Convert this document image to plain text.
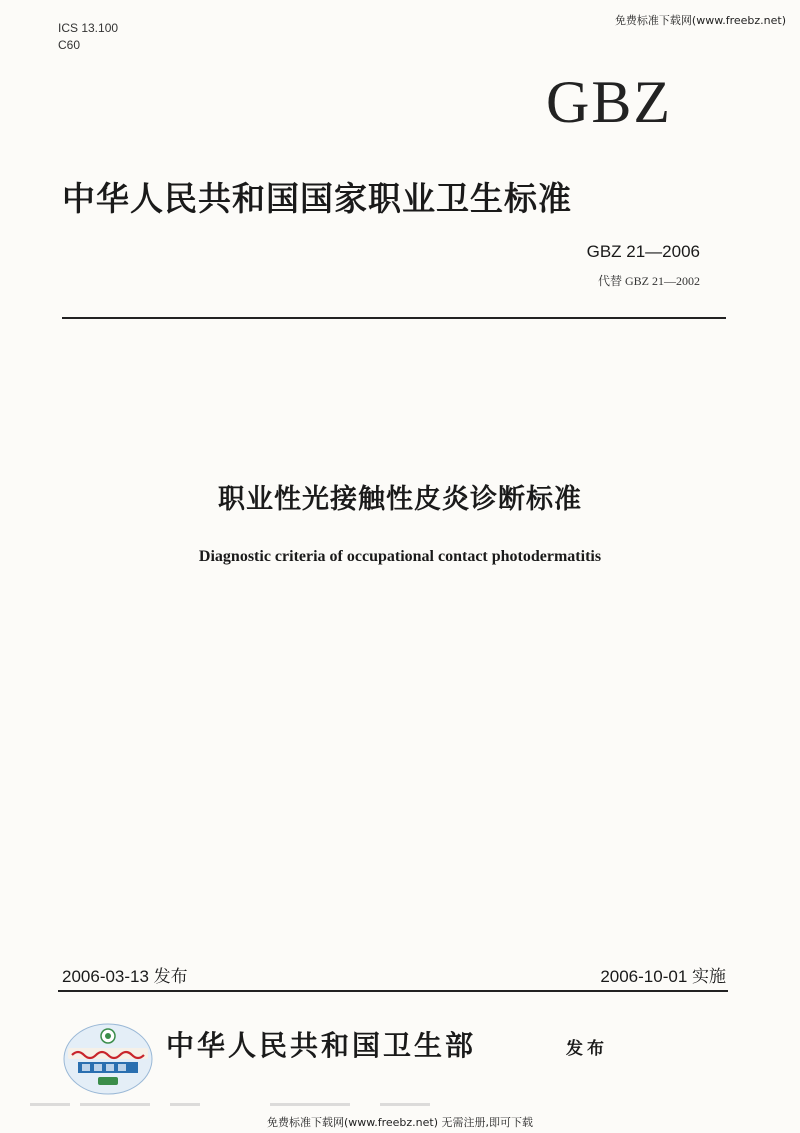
免费标准下载网(www.freebz.net)
ICS 13.100
C60
GBZ
中华人民共和国国家职业卫生标准
GBZ 21—2006
代替 GBZ 21—2002
职业性光接触性皮炎诊断标准
Diagnostic criteria of occupational contact photodermatitis
2006-03-13 发布	2006-10-01 实施
中华人民共和国卫生部	发布
免费标准下载网(www.freebz.net) 无需注册,即可下载
